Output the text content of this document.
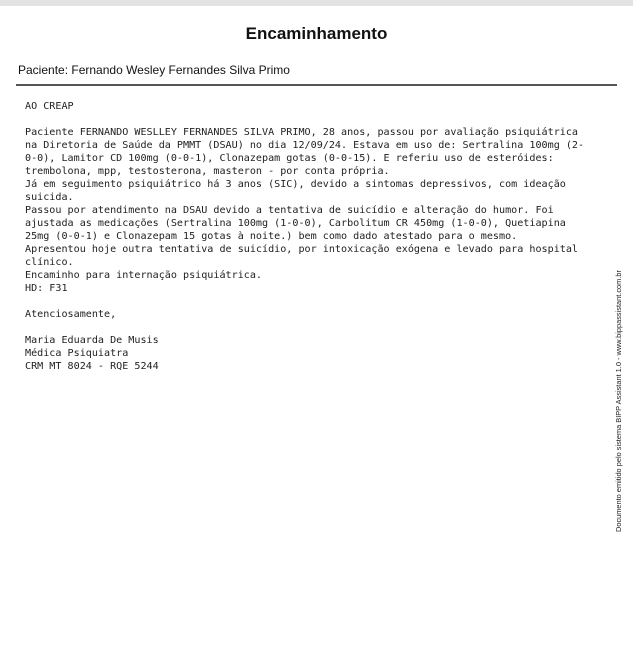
Encaminhamento
Paciente: Fernando Wesley Fernandes Silva Primo

AO CREAP

Paciente FERNANDO WESLLEY FERNANDES SILVA PRIMO, 28 anos, passou por avaliação psiquiátrica

na Diretoria de Saúde da PMMT (DSAU) no dia 12/09/24. Estava em uso de: Sertralina 100mg (2-

0-0), Lamitor CD 100mg (0-0-1), Clonazepam gotas (0-0-15). E referiu uso de esteróides:

trembolona, mpp, testosterona, masteron - por conta própria.

Já em seguimento psiquiátrico há 3 anos (SIC), devido a sintomas depressivos, com ideação

suicida.

Passou por atendimento na DSAU devido a tentativa de suicídio e alteração do humor. Foi

ajustada as medicações (Sertralina 100mg (1-0-0), Carbolitum CR 450mg (1-0-0), Quetiapina

25mg (0-0-1) e Clonazepam 15 gotas à noite.) bem como dado atestado para o mesmo.

Apresentou hoje outra tentativa de suicídio, por intoxicação exógena e levado para hospital

clínico.

Encaminho para internação psiquiátrica.

HD: F31

Atenciosamente,

Maria Eduarda De Musis

Médica Psiquiatra

CRM MT 8024 - RQE 5244	Documento emitido pelo sistema BIPP Assistant 1.0 - www.bippassistant.com.br
